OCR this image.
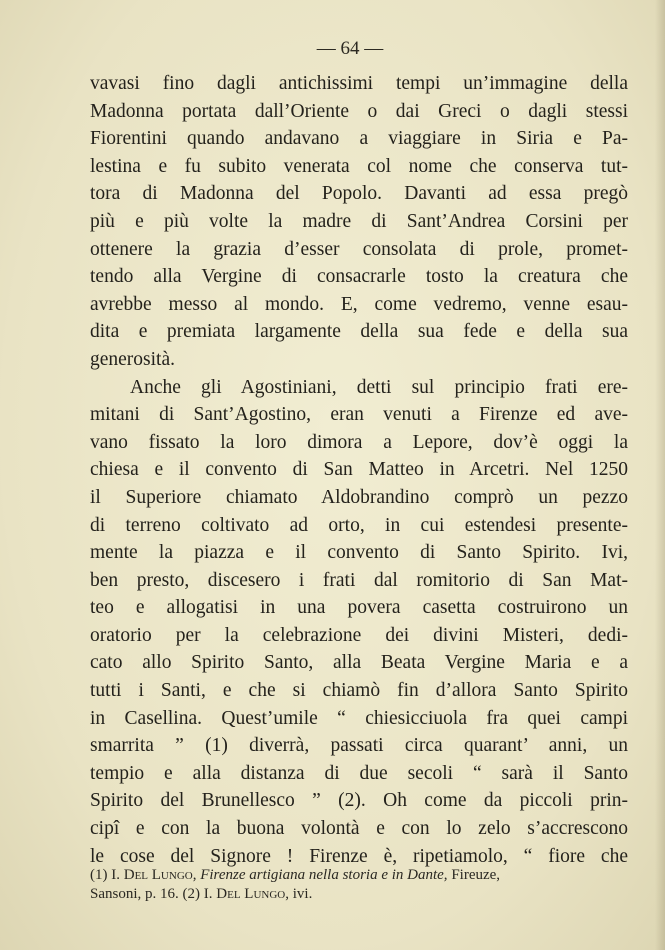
— 64 —
vavasi fino dagli antichissimi tempi un’immagine della
Madonna portata dall’Oriente o dai Greci o dagli stessi
Fiorentini quando andavano a viaggiare in Siria e Pa-
lestina e fu subito venerata col nome che conserva tut-
tora di Madonna del Popolo. Davanti ad essa pregò
più e più volte la madre di Sant’Andrea Corsini per
ottenere la grazia d’esser consolata di prole, promet-
tendo alla Vergine di consacrarle tosto la creatura che
avrebbe messo al mondo. E, come vedremo, venne esau-
dita e premiata largamente della sua fede e della sua
generosità.
Anche gli Agostiniani, detti sul principio frati ere-
mitani di Sant’Agostino, eran venuti a Firenze ed ave-
vano fissato la loro dimora a Lepore, dov’è oggi la
chiesa e il convento di San Matteo in Arcetri. Nel 1250
il Superiore chiamato Aldobrandino comprò un pezzo
di terreno coltivato ad orto, in cui estendesi presente-
mente la piazza e il convento di Santo Spirito. Ivi,
ben presto, discesero i frati dal romitorio di San Mat-
teo e allogatisi in una povera casetta costruirono un
oratorio per la celebrazione dei divini Misteri, dedi-
cato allo Spirito Santo, alla Beata Vergine Maria e a
tutti i Santi, e che si chiamò fin d’allora Santo Spirito
in Casellina. Quest’umile “ chiesicciuola fra quei campi
smarrita ” (1) diverrà, passati circa quarant’ anni, un
tempio e alla distanza di due secoli “ sarà il Santo
Spirito del Brunellesco ” (2). Oh come da piccoli prin-
cipî e con la buona volontà e con lo zelo s’accrescono
le cose del Signore ! Firenze è, ripetiamolo, “ fiore che
(1) I. Del Lungo, Firenze artigiana nella storia e in Dante, Fireuze,
Sansoni, p. 16. (2) I. Del Lungo, ivi.
